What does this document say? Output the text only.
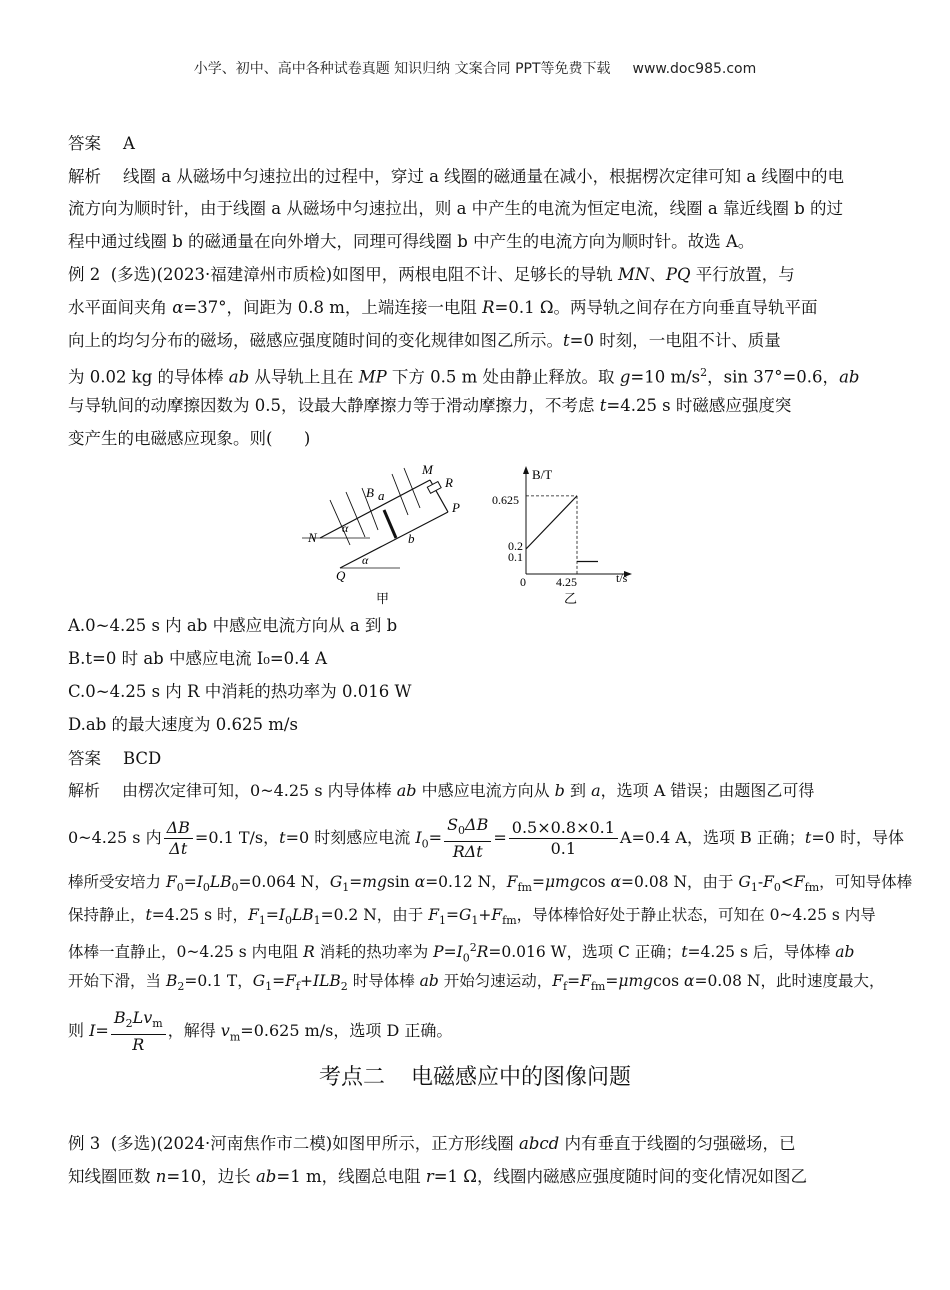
小学、初中、高中各种试卷真题 知识归纳 文案合同 PPT等免费下载 www.doc985.com
答案 A
解析 线圈 a 从磁场中匀速拉出的过程中，穿过 a 线圈的磁通量在减小，根据楞次定律可知 a 线圈中的电
流方向为顺时针，由于线圈 a 从磁场中匀速拉出，则 a 中产生的电流为恒定电流，线圈 a 靠近线圈 b 的过
程中通过线圈 b 的磁通量在向外增大，同理可得线圈 b 中产生的电流方向为顺时针。故选 A。
例 2 (多选)(2023·福建漳州市质检)如图甲，两根电阻不计、足够长的导轨 MN、PQ 平行放置，与
水平面间夹角 α=37°，间距为 0.8 m，上端连接一电阻 R=0.1 Ω。两导轨之间存在方向垂直导轨平面
向上的均匀分布的磁场，磁感应强度随时间的变化规律如图乙所示。t=0 时刻，一电阻不计、质量
为 0.02 kg 的导体棒 ab 从导轨上且在 MP 下方 0.5 m 处由静止释放。取 g=10 $m/s^2$，sin 37°=0.6，ab
与导轨间的动摩擦因数为 0.5，设最大静摩擦力等于滑动摩擦力，不考虑 t=4.25 s 时磁感应强度突
变产生的电磁感应现象。则(      )
M
R
B a
P
N
α
b
α
Q
甲
B/T
t/s
0.625
0.2
0.1
0	4.25
乙
A.0~4.25 s 内 ab 中感应电流方向从 a 到 b
B.t=0 时 ab 中感应电流 I₀=0.4 A
C.0~4.25 s 内 R 中消耗的热功率为 0.016 W
D.ab 的最大速度为 0.625 m/s
答案 BCD
解析 由楞次定律可知，0~4.25 s 内导体棒 ab 中感应电流方向从 b 到 a，选项 A 错误；由题图乙可得
0~4.25 s 内 $\frac{\Delta B}{\Delta t} =0.1$ T/s，t=0 时刻感应电流 $I_0= \frac{S_0\Delta B}{\text{RΔt}} = \frac{0.5\times 0.8\times 0.1}{0.1} A=0.4$ A，选项 B 正确；t=0 时，导体
棒所受安培力 $F_0=I_0LB_0=0.064$ N，$G_1=mgsin$ α=0.12 N，$F_{fm}=\mu mgcos$ α=0.08 N，由于 $G_1-F_0<F_{fm}$，可知导体棒
保持静止，t=4.25 s 时，$F_1=I_0LB_1=0.2$ N，由于 $F_1=G_1+F_{fm}$，导体棒恰好处于静止状态，可知在 0~4.25 s 内导
体棒一直静止，0~4.25 s 内电阻 R 消耗的热功率为 $P=I_0^2R=0.016$ W，选项 C 正确；t=4.25 s 后，导体棒 ab
开始下滑，当 $B_2=0.1$ T，$G_1=F_f+ILB_2$ 时导体棒 ab 开始匀速运动，$F_f=F_{fm}=\mu mgcos$ α=0.08 N，此时速度最大，
则 $I= \frac{B_2Lv_m}{R}$ ，解得 $v_m=0.625$ m/s，选项 D 正确。
考点二 电磁感应中的图像问题
例 3 (多选)(2024·河南焦作市二模)如图甲所示，正方形线圈 abcd 内有垂直于线圈的匀强磁场，已
知线圈匝数 n=10，边长 ab=1 m，线圈总电阻 r=1 Ω，线圈内磁感应强度随时间的变化情况如图乙
